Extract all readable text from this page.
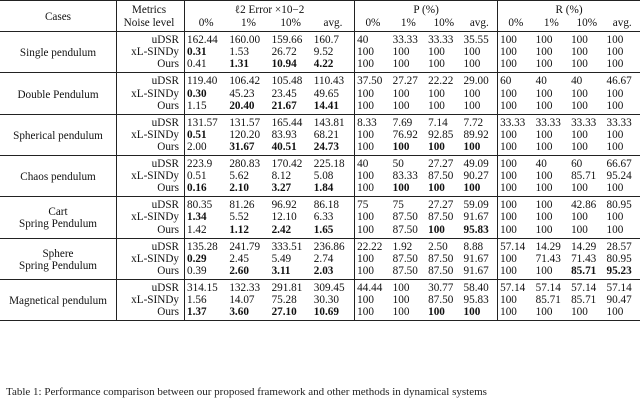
Cases	Metrics	ℓ2 Error ×10−2				P (%)				R (%)			
	Noise level	0%	1%	10%	avg.	0%	1%	10%	avg.	0%	1%	10%	avg.

Single pendulum	uDSR	162.44	160.00	159.66	160.7	40	33.33	33.33	35.55	100	100	100	100
	xL-SINDy	0.31	1.53	26.72	9.52	100	100	100	100	100	100	100	100
	Ours	0.41	1.31	10.94	4.22	100	100	100	100	100	100	100	100

Double Pendulum	uDSR	119.40	106.42	105.48	110.43	37.50	27.27	22.22	29.00	60	40	40	46.67
	xL-SINDy	0.30	45.23	23.45	49.65	100	100	100	100	100	100	100	100
	Ours	1.15	20.40	21.67	14.41	100	100	100	100	100	100	100	100

Spherical pendulum	uDSR	131.57	131.57	165.44	143.81	8.33	7.69	7.14	7.72	33.33	33.33	33.33	33.33
	xL-SINDy	0.51	120.20	83.93	68.21	100	76.92	92.85	89.92	100	100	100	100
	Ours	2.00	31.67	40.51	24.73	100	100	100	100	100	100	100	100

Chaos pendulum	uDSR	223.9	280.83	170.42	225.18	40	50	27.27	49.09	100	40	60	66.67
	xL-SINDy	0.51	5.62	8.12	5.08	100	83.33	87.50	90.27	100	100	85.71	95.24
	Ours	0.16	2.10	3.27	1.84	100	100	100	100	100	100	100	100

Cart
Spring Pendulum	uDSR	80.35	81.26	96.92	86.18	75	75	27.27	59.09	100	100	42.86	80.95
	xL-SINDy	1.34	5.52	12.10	6.33	100	87.50	87.50	91.67	100	100	100	100
	Ours	1.42	1.12	2.42	1.65	100	87.50	100	95.83	100	100	100	100

Sphere
Spring Pendulum	uDSR	135.28	241.79	333.51	236.86	22.22	1.92	2.50	8.88	57.14	14.29	14.29	28.57
	xL-SINDy	0.29	2.45	5.49	2.74	100	87.50	87.50	91.67	100	71.43	71.43	80.95
	Ours	0.39	2.60	3.11	2.03	100	87.50	87.50	91.67	100	100	85.71	95.23

Magnetical pendulum	uDSR	314.15	132.33	291.81	309.45	44.44	100	30.77	58.40	57.14	57.14	57.14	57.14
	xL-SINDy	1.56	14.07	75.28	30.30	100	100	87.50	95.83	100	85.71	85.71	90.47
	Ours	1.37	3.60	27.10	10.69	100	100	100	100	100	100	100	100
Table 1: Performance comparison between our proposed framework and other methods in dynamical systems
